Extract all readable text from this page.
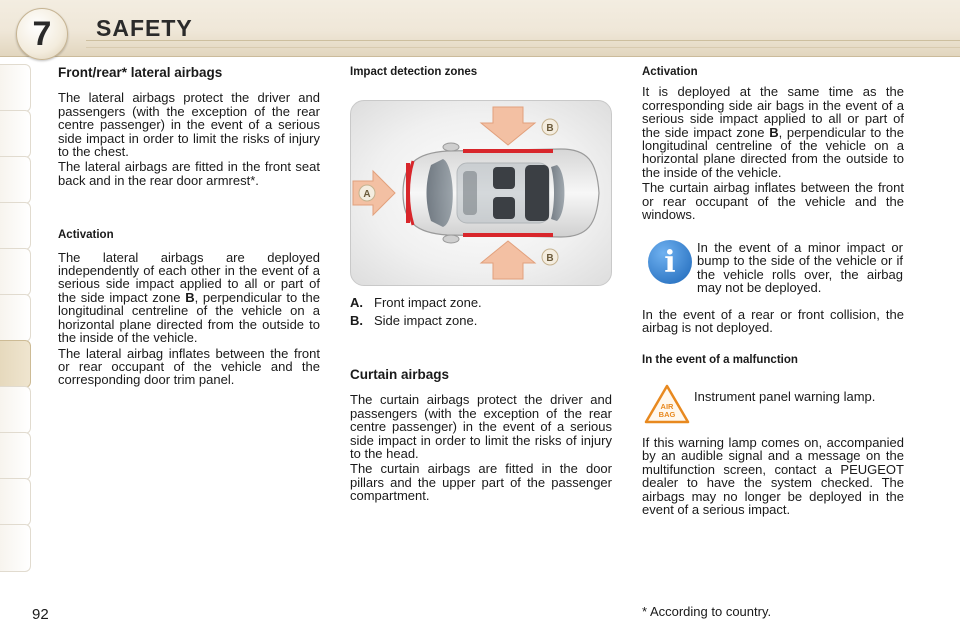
7 SAFETY
Front/rear* lateral airbags

The lateral airbags protect the driver and passengers (with the exception of the rear centre passenger) in the event of a serious side impact in order to limit the risks of injury to the chest.

The lateral airbags are fitted in the front seat back and in the rear door armrest*.

Activation

The lateral airbags are deployed independently of each other in the event of a serious side impact applied to all or part of the side impact zone B, perpendicular to the longitudinal centreline of the vehicle on a horizontal plane directed from the outside to the inside of the vehicle.

The lateral airbag inflates between the front or rear occupant of the vehicle and the corresponding door trim panel.

Impact detection zones
B
B
A
A. Front impact zone.
B. Side impact zone.
Curtain airbags

The curtain airbags protect the driver and passengers (with the exception of the rear centre passenger) in the event of a serious side impact in order to limit the risks of injury to the head.

The curtain airbags are fitted in the door pillars and the upper part of the passenger compartment.

Activation

It is deployed at the same time as the corresponding side air bags in the event of a serious side impact applied to all or part of the side impact zone B, perpendicular to the longitudinal centreline of the vehicle on a horizontal plane directed from the outside to the inside of the vehicle.

The curtain airbag inflates between the front or rear occupant of the vehicle and the windows.

i In the event of a minor impact or bump to the side of the vehicle or if the vehicle rolls over, the airbag may not be deployed.

In the event of a rear or front collision, the airbag is not deployed.

In the event of a malfunction
AIR
BAG

Instrument panel warning lamp.

If this warning lamp comes on, accompanied by an audible signal and a message on the multifunction screen, contact a PEUGEOT dealer to have the system checked. The airbags may no longer be deployed in the event of a serious impact.

92	* According to country.
